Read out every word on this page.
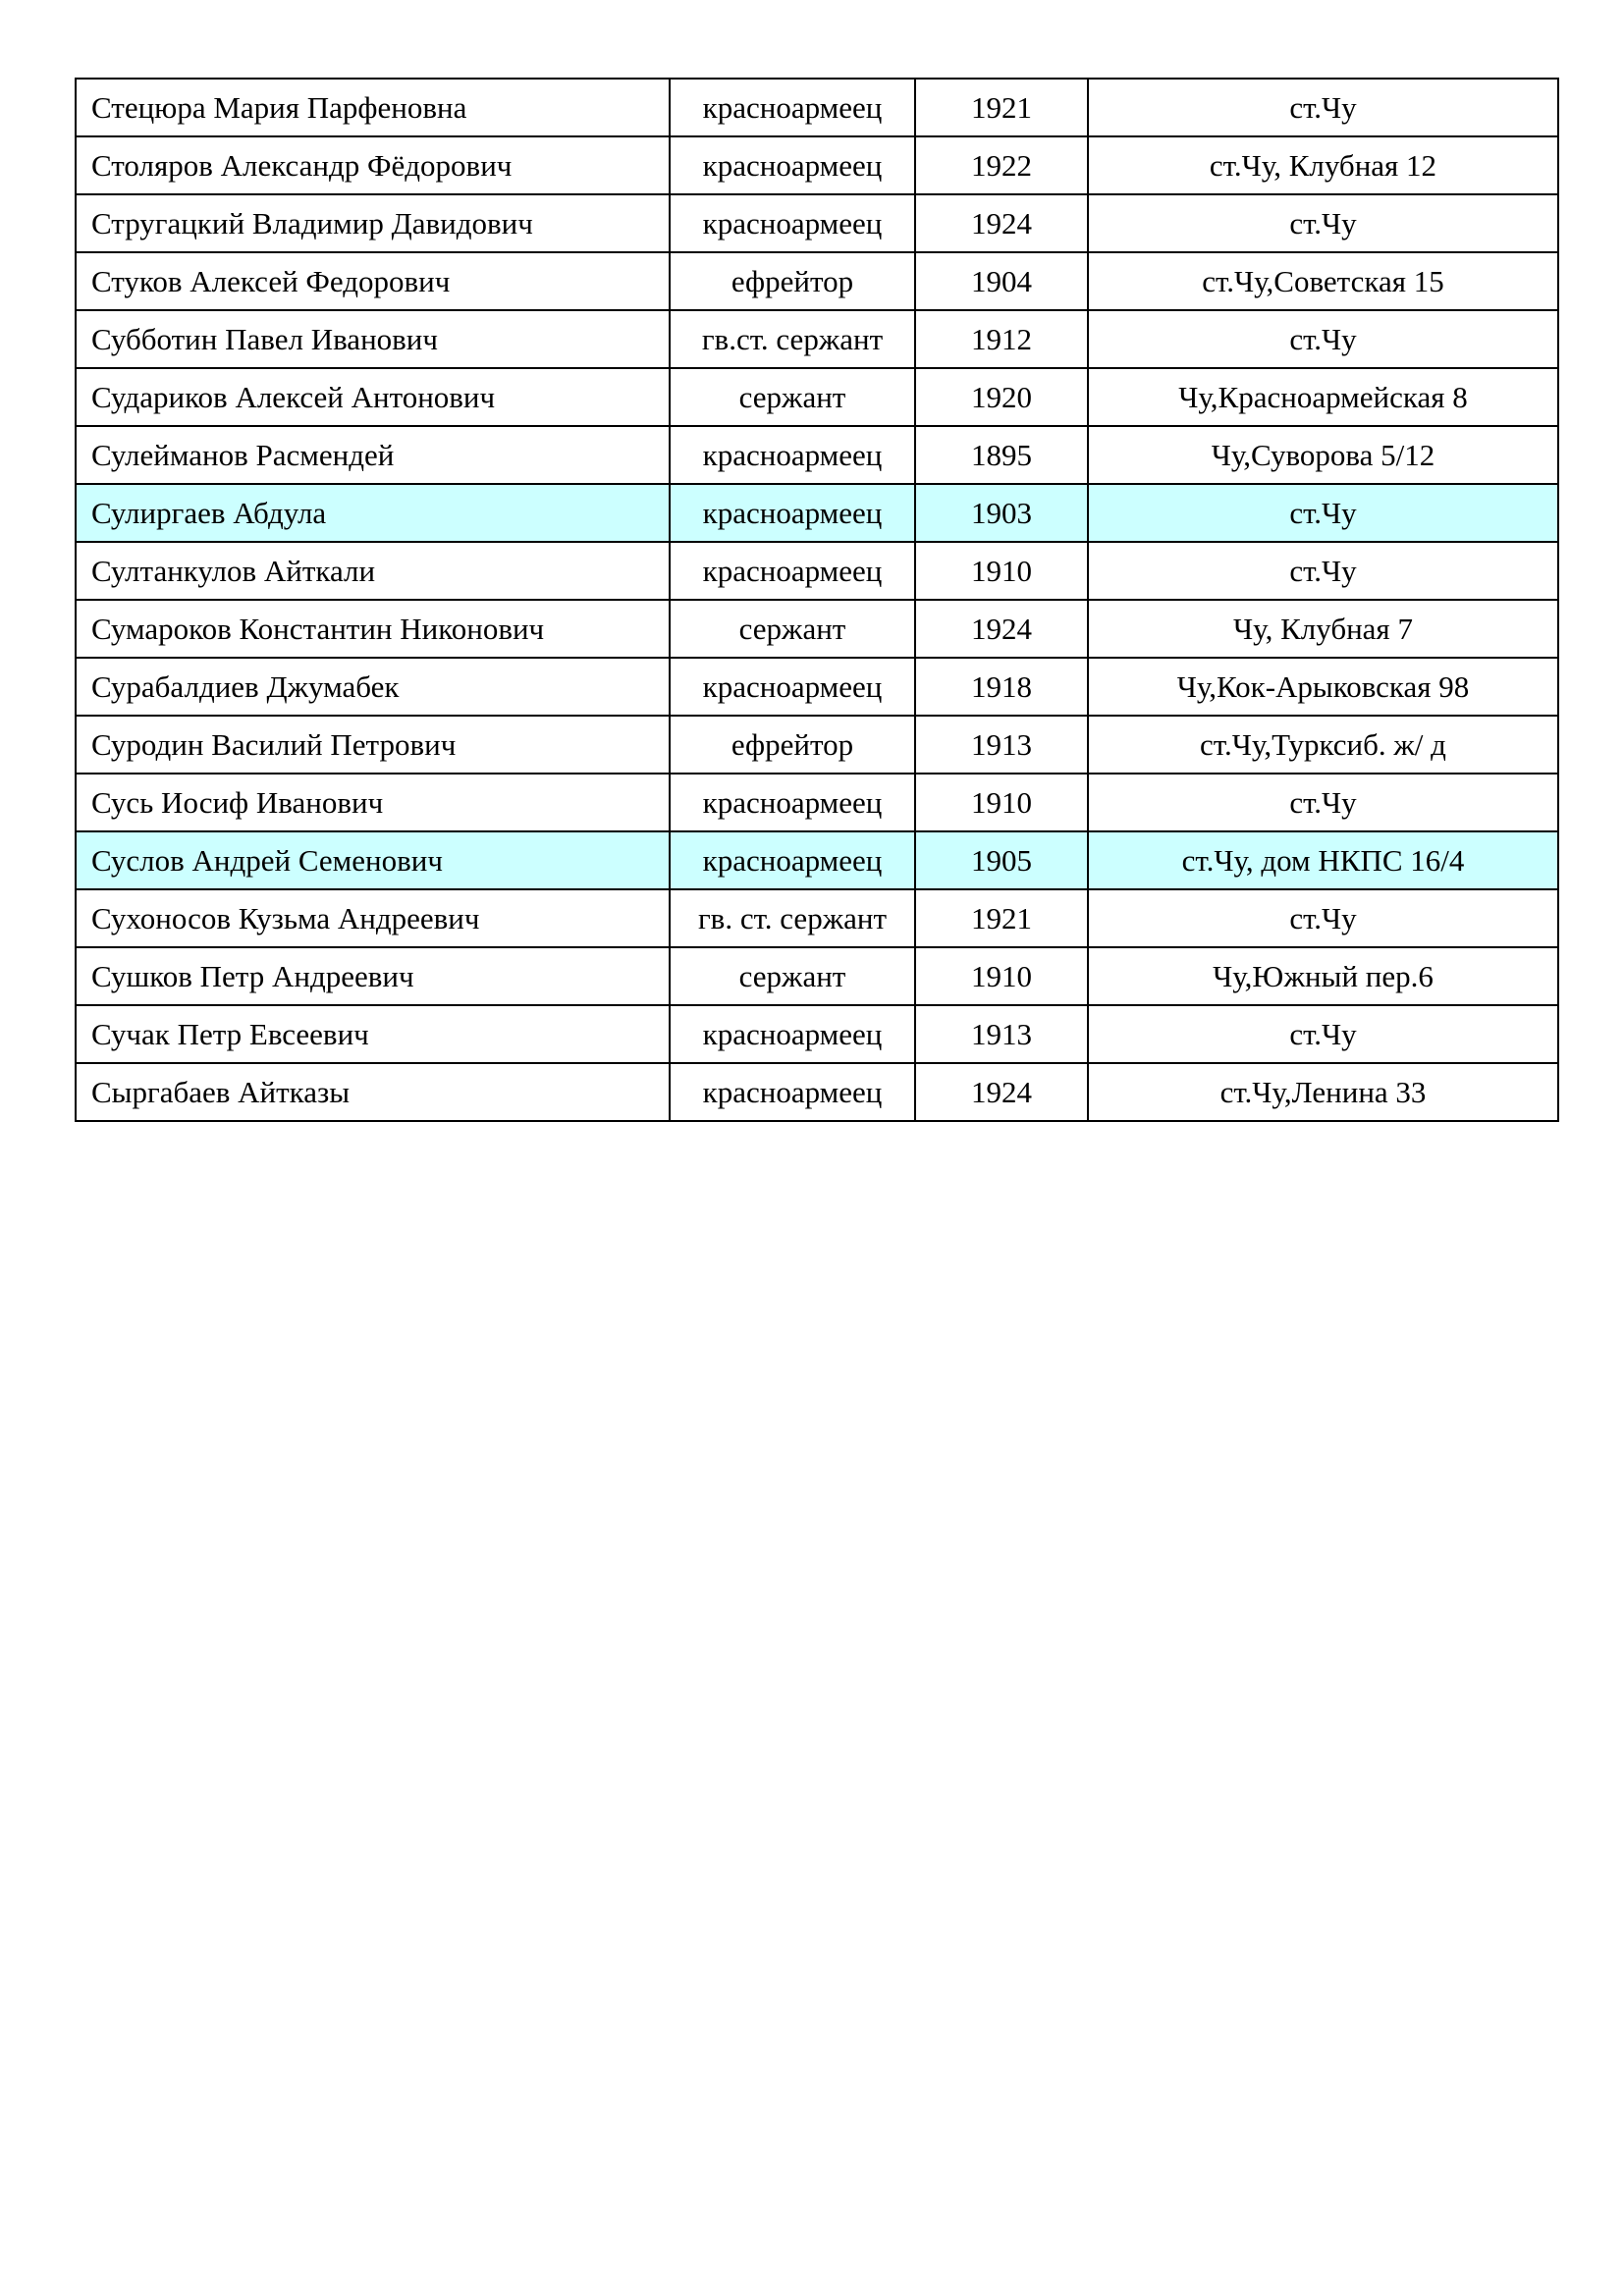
Стецюра Мария Парфеновна	красноармеец	1921	ст.Чу
Столяров Александр Фёдорович	красноармеец	1922	ст.Чу, Клубная 12
Стругацкий Владимир Давидович	красноармеец	1924	ст.Чу
Стуков Алексей Федорович	ефрейтор	1904	ст.Чу,Советская 15
Субботин Павел Иванович	гв.ст. сержант	1912	ст.Чу
Судариков Алексей Антонович	сержант	1920	Чу,Красноармейская 8
Сулейманов Расмендей	красноармеец	1895	Чу,Суворова 5/12
Сулиргаев Абдула	красноармеец	1903	ст.Чу
Султанкулов Айткали	красноармеец	1910	ст.Чу
Сумароков Константин Никонович	сержант	1924	Чу, Клубная 7
Сурабалдиев Джумабек	красноармеец	1918	Чу,Кок-Арыковская 98
Суродин Василий Петрович	ефрейтор	1913	ст.Чу,Турксиб. ж/ д
Сусь Иосиф Иванович	красноармеец	1910	ст.Чу
Суслов Андрей Семенович	красноармеец	1905	ст.Чу, дом НКПС 16/4
Сухоносов Кузьма Андреевич	гв. ст. сержант	1921	ст.Чу
Сушков Петр Андреевич	сержант	1910	Чу,Южный пер.6
Сучак Петр Евсеевич	красноармеец	1913	ст.Чу
Сыргабаев Айтказы	красноармеец	1924	ст.Чу,Ленина 33
